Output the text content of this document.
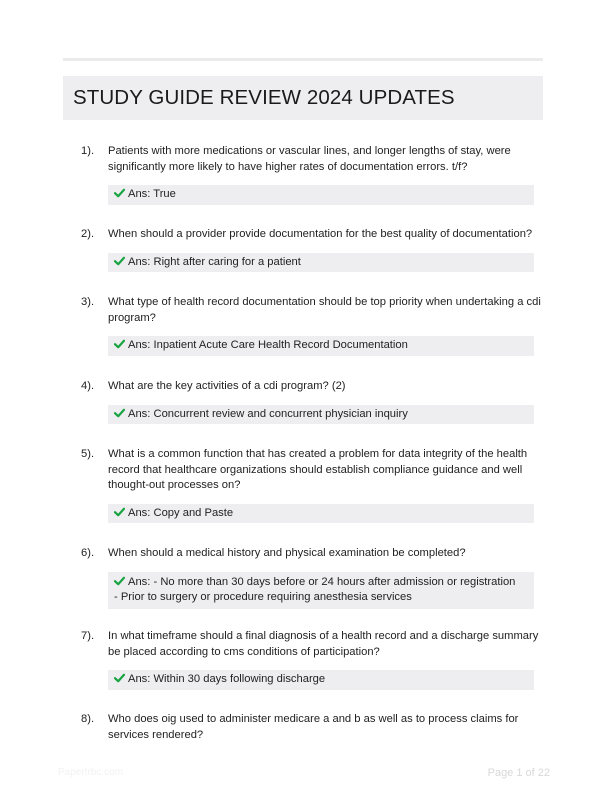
STUDY GUIDE REVIEW 2024 UPDATES
1). Patients with more medications or vascular lines, and longer lengths of stay, were significantly more likely to have higher rates of documentation errors. t/f?
Ans: True
2). When should a provider provide documentation for the best quality of documentation?
Ans: Right after caring for a patient
3). What type of health record documentation should be top priority when undertaking a cdi program?
Ans: Inpatient Acute Care Health Record Documentation
4). What are the key activities of a cdi program? (2)
Ans: Concurrent review and concurrent physician inquiry
5). What is a common function that has created a problem for data integrity of the health record that healthcare organizations should establish compliance guidance and well thought-out processes on?
Ans: Copy and Paste
6). When should a medical history and physical examination be completed?
Ans: - No more than 30 days before or 24 hours after admission or registration
- Prior to surgery or procedure requiring anesthesia services
7). In what timeframe should a final diagnosis of a health record and a discharge summary be placed according to cms conditions of participation?
Ans: Within 30 days following discharge
8). Who does oig used to administer medicare a and b as well as to process claims for services rendered?
Papertrbc.com	Page 1 of 22
